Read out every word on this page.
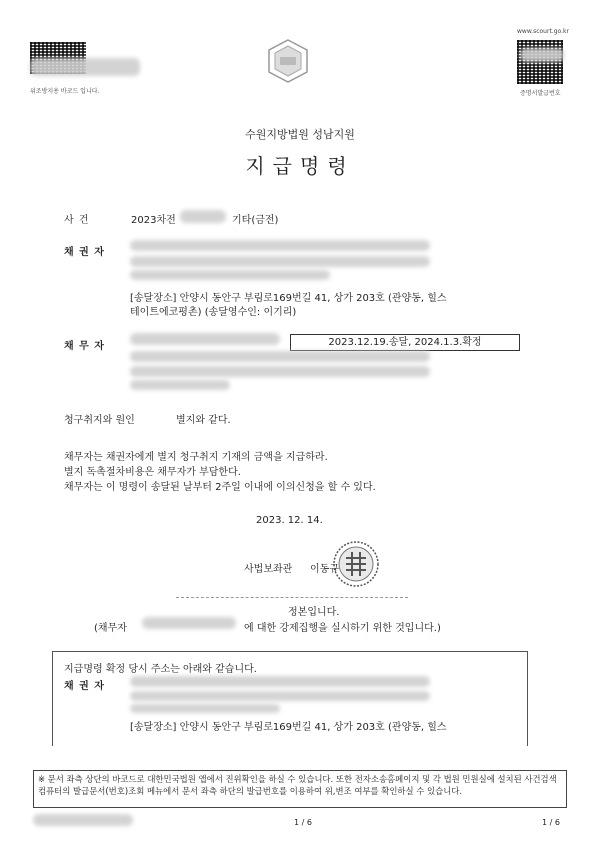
위조방지용 바코드 입니다.
www.scourt.go.kr
증명서발급번호
수원지방법원 성남지원
지급명령
사 건	2023차전	기타(금전)
채 권 자
[송달장소] 안양시 동안구 부림로169번길 41, 상가 203호 (관양동, 힐스
테이트에코평촌) (송달영수인: 이기리)
채 무 자	2023.12.19.송달, 2024.1.3.확정
청구취지와 원인	별지와 같다.
채무자는 채권자에게 별지 청구취지 기재의 금액을 지급하라.
별지 독촉절차비용은 채무자가 부담한다.
채무자는 이 명령이 송달된 날부터 2주일 이내에 이의신청을 할 수 있다.
2023. 12. 14.
사법보좌관 이동규
정본입니다.
(채무자	에 대한 강제집행을 실시하기 위한 것입니다.)
지급명령 확정 당시 주소는 아래와 같습니다.
채 권 자
[송달장소] 안양시 동안구 부림로169번길 41, 상가 203호 (관양동, 힐스
※ 문서 좌측 상단의 바코드로 대한민국법원 앱에서 진위확인을 하실 수 있습니다. 또한 전자소송홈페이지 및 각 법원 민원실에 설치된 사건검색 컴퓨터의 발급문서(번호)조회 메뉴에서 문서 좌측 하단의 발급번호를 이용하여 위,변조 여부를 확인하실 수 있습니다.
1 / 6	1 / 6
